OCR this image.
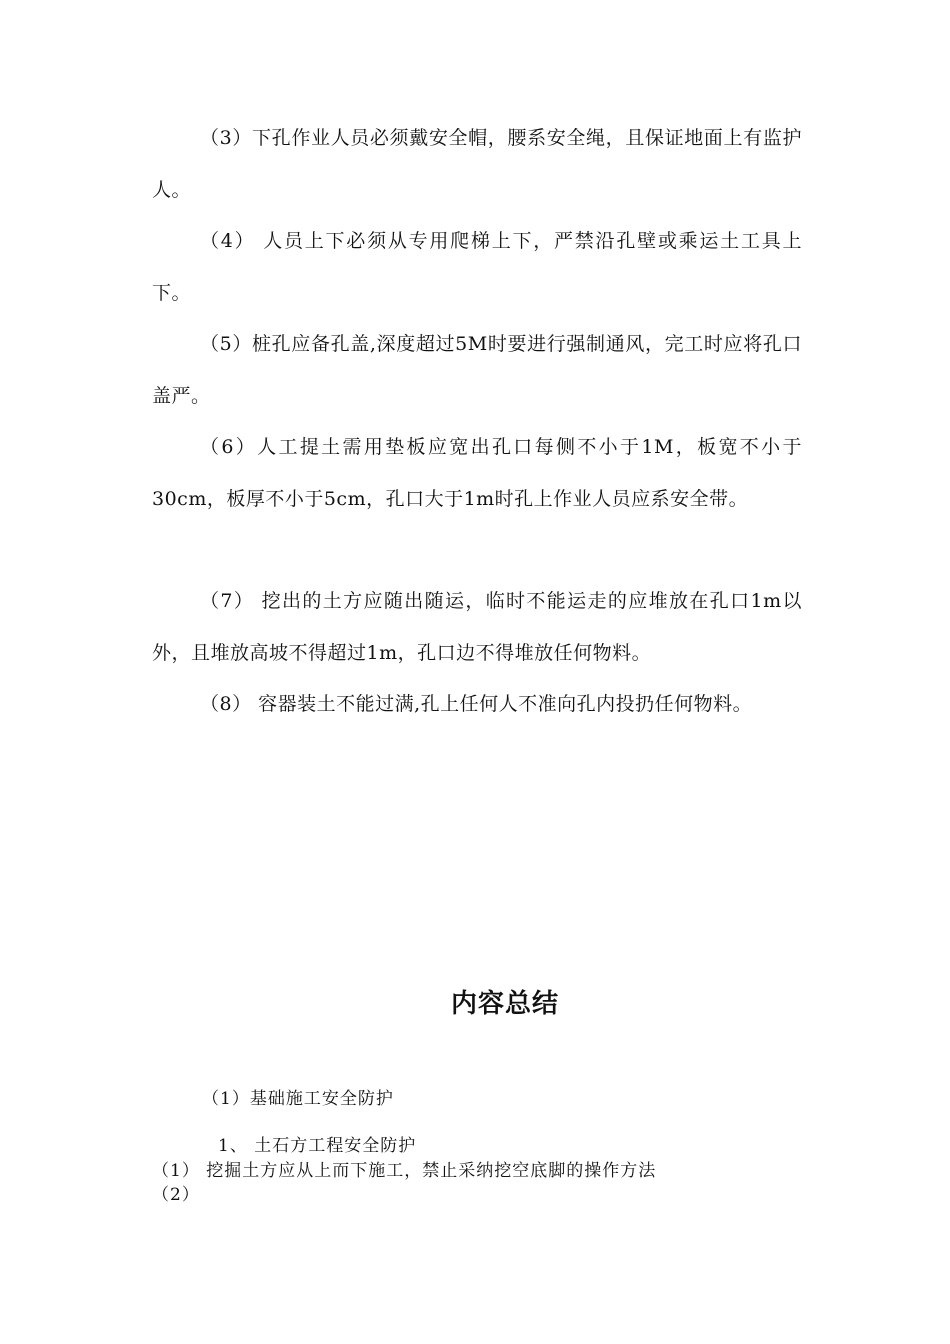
（3）下孔作业人员必须戴安全帽，腰系安全绳，且保证地面上有监护人。

（4） 人员上下必须从专用爬梯上下，严禁沿孔壁或乘运土工具上下。

（5）桩孔应备孔盖,深度超过5M时要进行强制通风，完工时应将孔口盖严。

（6）人工提土需用垫板应宽出孔口每侧不小于1M，板宽不小于30cm，板厚不小于5cm，孔口大于1m时孔上作业人员应系安全带。

（7） 挖出的土方应随出随运，临时不能运走的应堆放在孔口1m以外，且堆放高坡不得超过1m，孔口边不得堆放任何物料。

（8） 容器装土不能过满,孔上任何人不准向孔内投扔任何物料。

内容总结

（1）基础施工安全防护

1、 土石方工程安全防护

（1） 挖掘土方应从上而下施工，禁止采纳挖空底脚的操作方法

（2）
